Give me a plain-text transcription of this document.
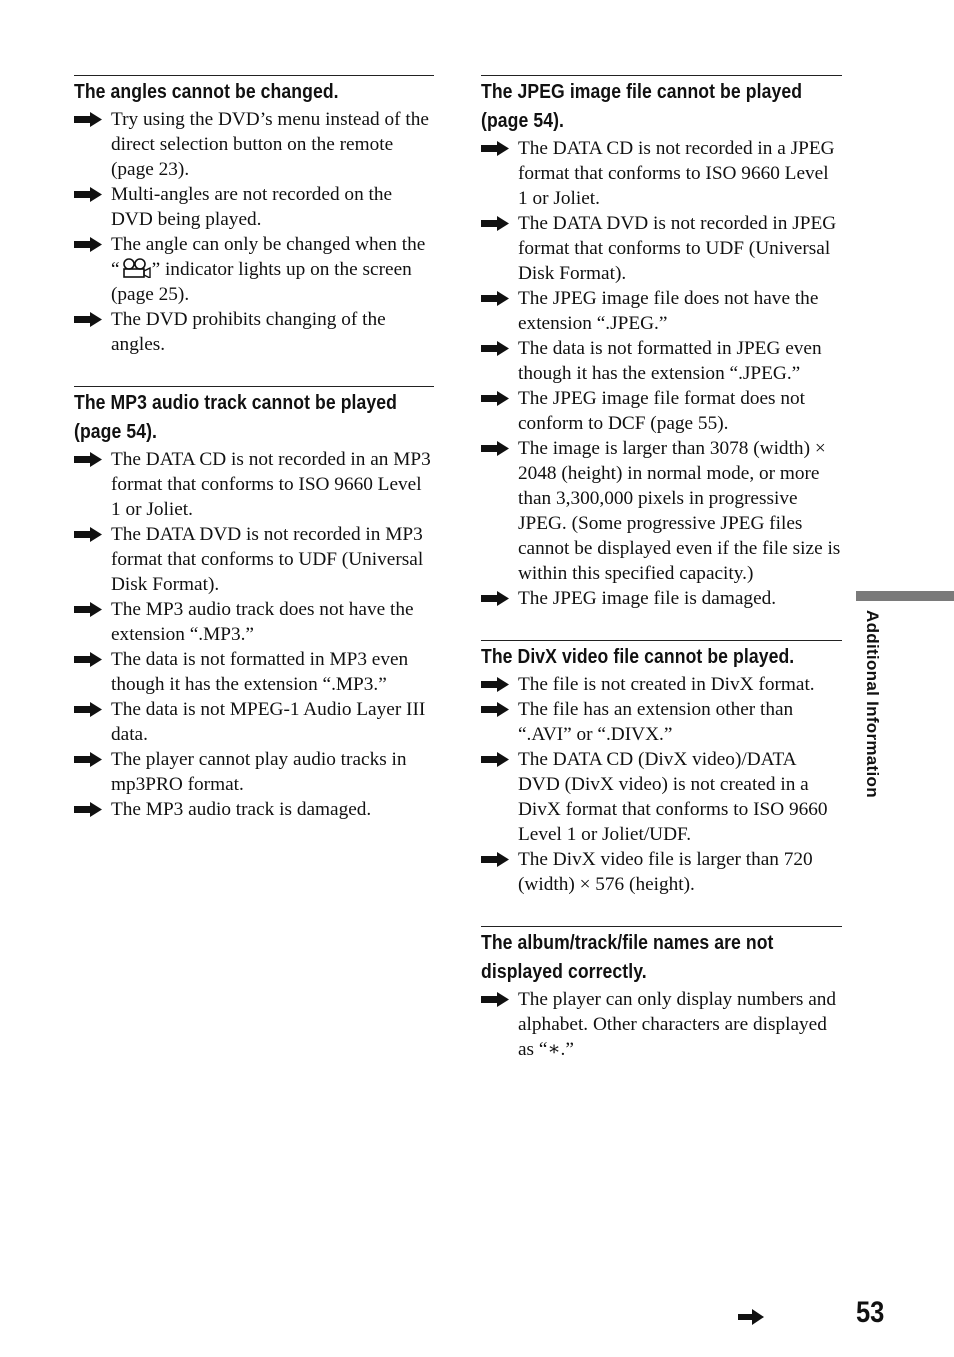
The angles cannot be changed.
Try using the DVD’s menu instead of the direct selection button on the remote (page 23).
Multi-angles are not recorded on the DVD being played.
The angle can only be changed when the “ ” indicator lights up on the screen (page 25).
The DVD prohibits changing of the angles.
The MP3 audio track cannot be played (page 54).
The DATA CD is not recorded in an MP3 format that conforms to ISO 9660 Level 1 or Joliet.
The DATA DVD is not recorded in MP3 format that conforms to UDF (Universal Disk Format).
The MP3 audio track does not have the extension “.MP3.”
The data is not formatted in MP3 even though it has the extension “.MP3.”
The data is not MPEG-1 Audio Layer III data.
The player cannot play audio tracks in mp3PRO format.
The MP3 audio track is damaged.
The JPEG image file cannot be played (page 54).
The DATA CD is not recorded in a JPEG format that conforms to ISO 9660 Level 1 or Joliet.
The DATA DVD is not recorded in JPEG format that conforms to UDF (Universal Disk Format).
The JPEG image file does not have the extension “.JPEG.”
The data is not formatted in JPEG even though it has the extension “.JPEG.”
The JPEG image file format does not conform to DCF (page 55).
The image is larger than 3078 (width) × 2048 (height) in normal mode, or more than 3,300,000 pixels in progressive JPEG. (Some progressive JPEG files cannot be displayed even if the file size is within this specified capacity.)
The JPEG image file is damaged.
The DivX video file cannot be played.
The file is not created in DivX format.
The file has an extension other than “.AVI” or “.DIVX.”
The DATA CD (DivX video)/DATA DVD (DivX video) is not created in a DivX format that conforms to ISO 9660 Level 1 or Joliet/UDF.
The DivX video file is larger than 720 (width) × 576 (height).
The album/track/file names are not displayed correctly.
The player can only display numbers and alphabet. Other characters are displayed as “∗.”
Additional Information
53
